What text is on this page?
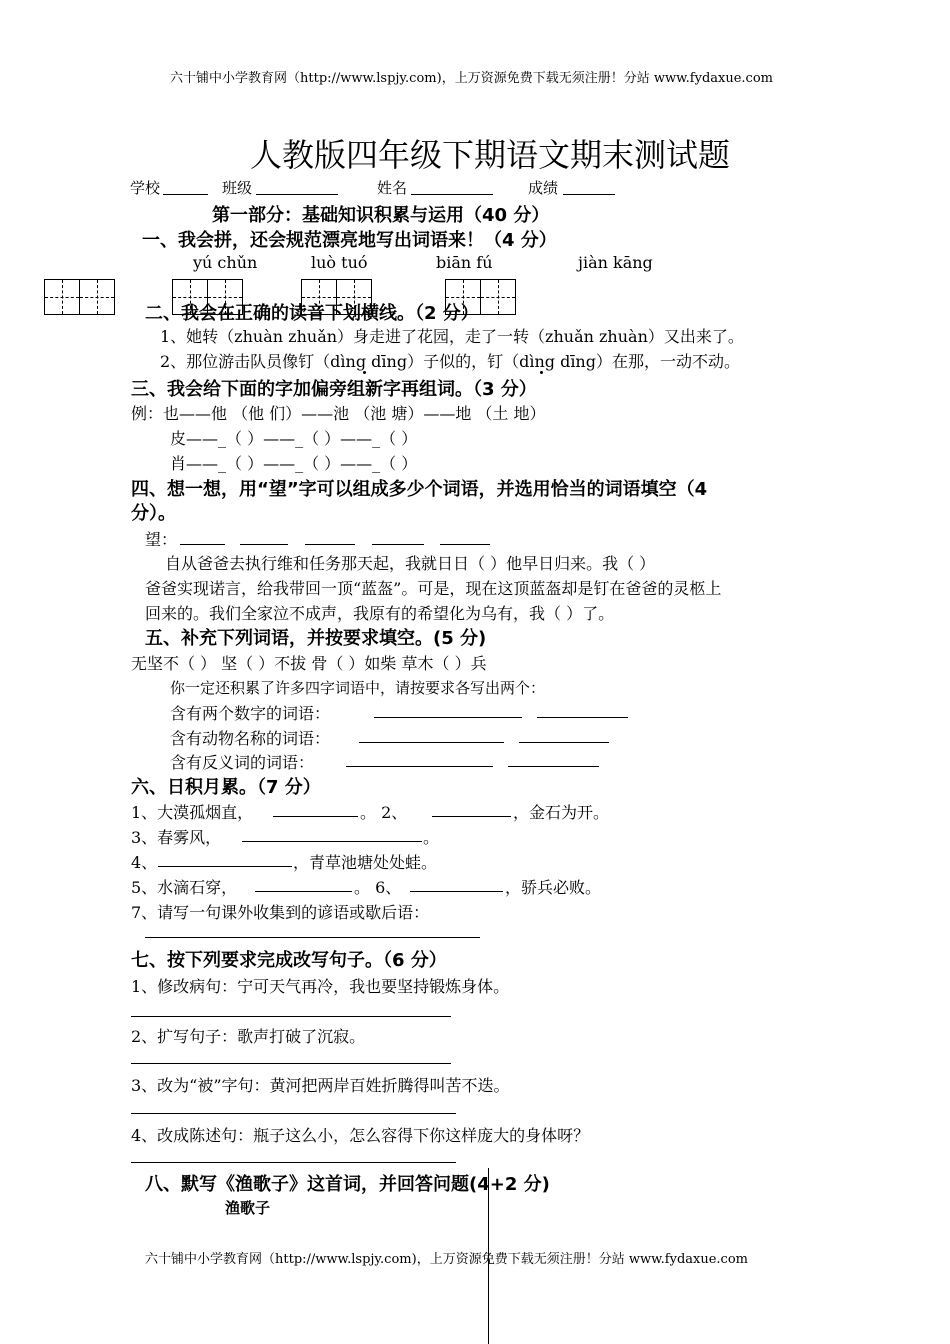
六十铺中小学教育网（http://www.lspjy.com)，上万资源免费下载无须注册！分站 www.fydaxue.com
人教版四年级下期语文期末测试题
学校	班级	姓名	成绩
第一部分：基础知识积累与运用（40 分）
一、我会拼，还会规范漂亮地写出词语来！（4 分）
yú chǔn	luò tuó	biān fú	jiàn kāng
二、我会在正确的读音下划横线。（2 分）
1、她转（zhuàn zhuǎn）身走进了花园，走了一转（zhuǎn zhuàn）又出来了。
2、那位游击队员像钉（dìng dīng）子似的，钉（dìng dīng）在那，一动不动。
三、我会给下面的字加偏旁组新字再组词。（3 分）
例：也——他 （他 们）——池 （池 塘）——地 （土 地）
皮——_（ ）——_（ ）——_（ ）
肖——_（ ）——_（ ）——_（ ）
四、想一想，用“望”字可以组成多少个词语，并选用恰当的词语填空（4
分）。
望：
自从爸爸去执行维和任务那天起，我就日日（ ）他早日归来。我（ ）
爸爸实现诺言，给我带回一顶“蓝盔”。可是，现在这顶蓝盔却是钉在爸爸的灵柩上
回来的。我们全家泣不成声，我原有的希望化为乌有，我（ ）了。
五、补充下列词语，并按要求填空。(5 分)
无坚不（ ） 坚（ ）不拔 骨（ ）如柴 草木（ ）兵
你一定还积累了许多四字词语中，请按要求各写出两个：
含有两个数字的词语：
含有动物名称的词语：
含有反义词的词语：
六、日积月累。（7 分）
1、大漠孤烟直，	。 2、	，金石为开。
3、春雾风，	。
4、	，青草池塘处处蛙。
5、水滴石穿，	。 6、	，骄兵必败。
7、请写一句课外收集到的谚语或歇后语：
七、按下列要求完成改写句子。（6 分）
1、修改病句：宁可天气再冷，我也要坚持锻炼身体。
2、扩写句子：歌声打破了沉寂。
3、改为“被”字句：黄河把两岸百姓折腾得叫苦不迭。
4、改成陈述句：瓶子这么小，怎么容得下你这样庞大的身体呀？
八、默写《渔歌子》这首词，并回答问题(4+2 分)
渔歌子
六十铺中小学教育网（http://www.lspjy.com)，上万资源免费下载无须注册！分站 www.fydaxue.com
